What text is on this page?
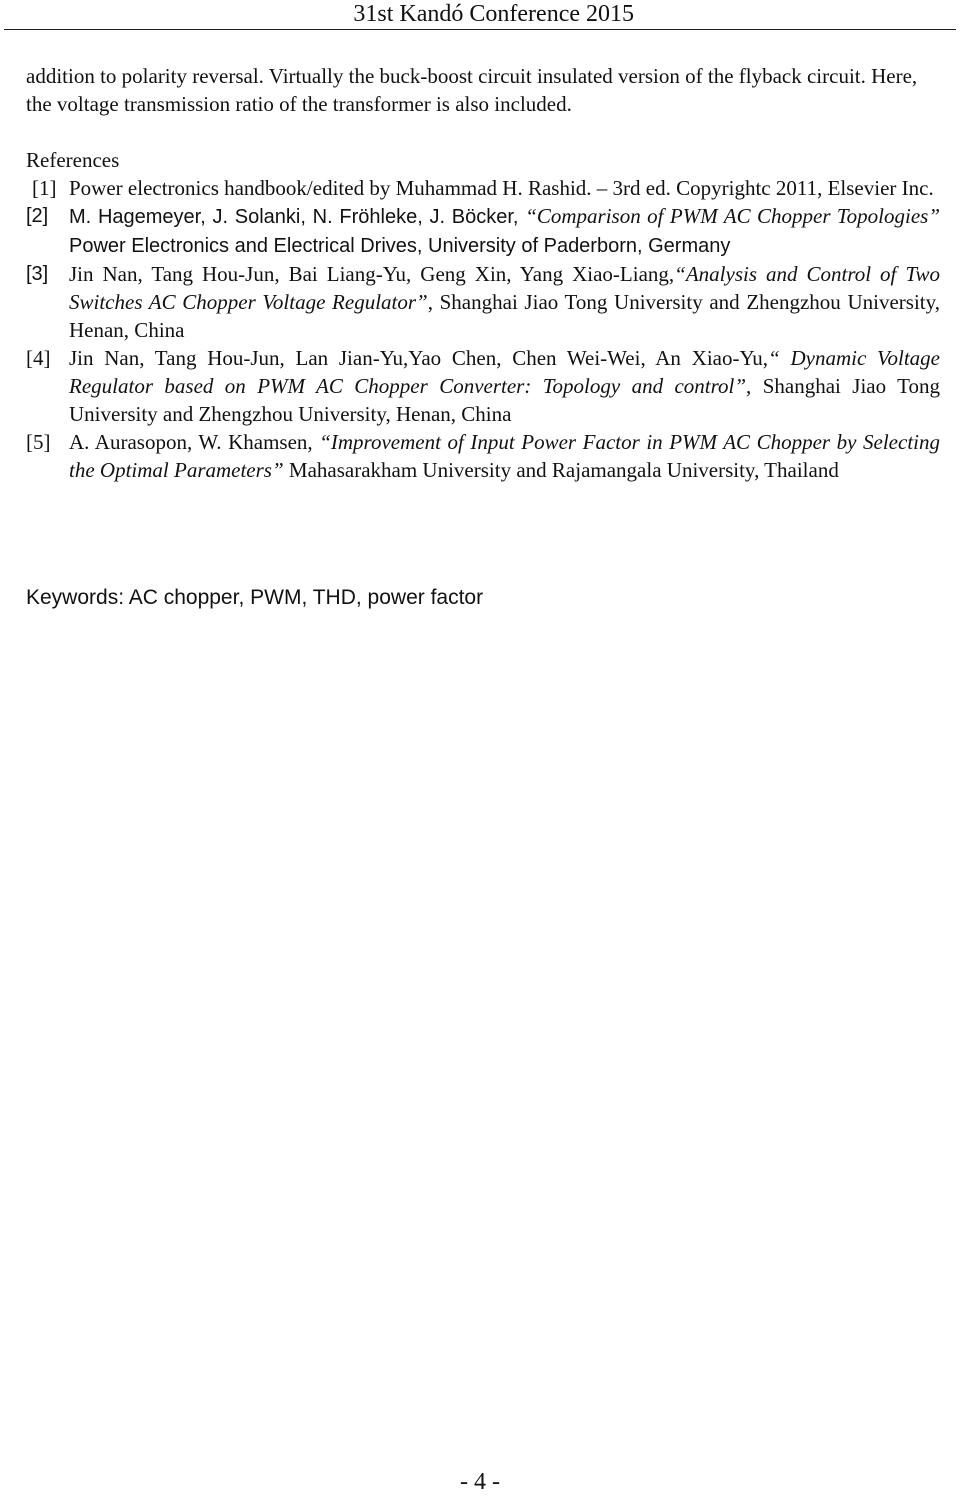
31st Kandó Conference 2015

addition to polarity reversal. Virtually the buck-boost circuit insulated version of the flyback circuit. Here, the voltage transmission ratio of the transformer is also included.

References

[1] Power electronics handbook/edited by Muhammad H. Rashid. – 3rd ed. Copyrightc 2011, Elsevier Inc.
[2] M. Hagemeyer, J. Solanki, N. Fröhleke, J. Böcker, “Comparison of PWM AC Chopper Topologies” Power Electronics and Electrical Drives, University of Paderborn, Germany
[3] Jin Nan, Tang Hou-Jun, Bai Liang-Yu, Geng Xin, Yang Xiao-Liang,“Analysis and Control of Two Switches AC Chopper Voltage Regulator”, Shanghai Jiao Tong University and Zhengzhou University, Henan, China
[4] Jin Nan, Tang Hou-Jun, Lan Jian-Yu,Yao Chen, Chen Wei-Wei, An Xiao-Yu,“ Dynamic Voltage Regulator based on PWM AC Chopper Converter: Topology and control”, Shanghai Jiao Tong University and Zhengzhou University, Henan, China
[5] A. Aurasopon, W. Khamsen, “Improvement of Input Power Factor in PWM AC Chopper by Selecting the Optimal Parameters” Mahasarakham University and Rajamangala University, Thailand
Keywords: AC chopper, PWM, THD, power factor
- 4 -
